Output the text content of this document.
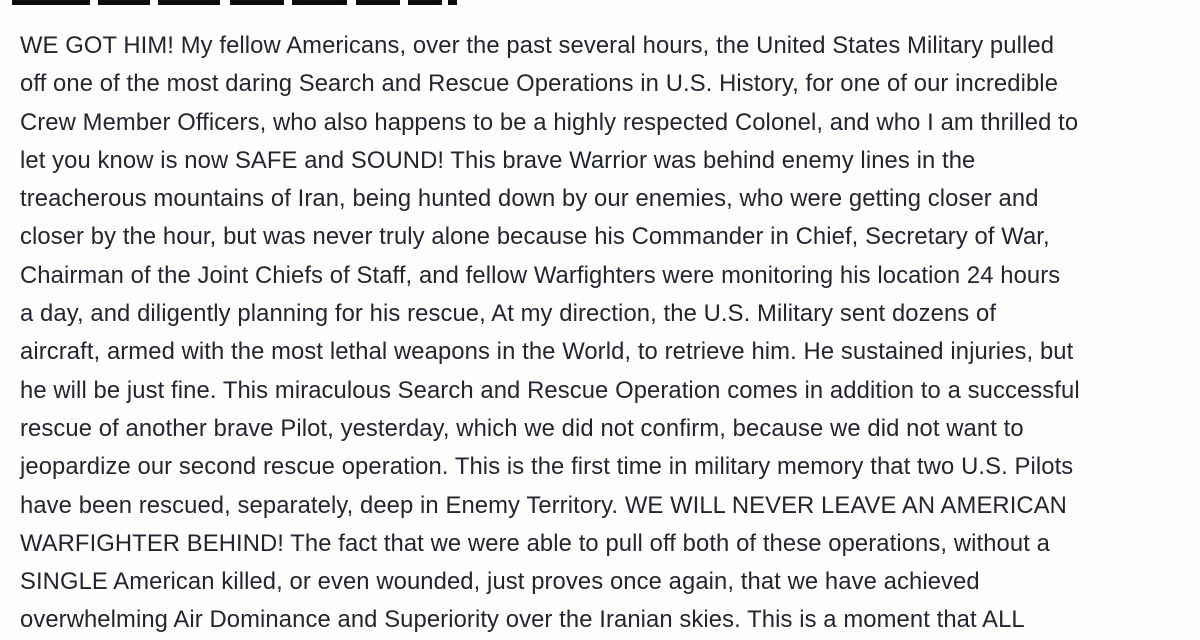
WE GOT HIM! My fellow Americans, over the past several hours, the United States Military pulled
off one of the most daring Search and Rescue Operations in U.S. History, for one of our incredible
Crew Member Officers, who also happens to be a highly respected Colonel, and who I am thrilled to
let you know is now SAFE and SOUND! This brave Warrior was behind enemy lines in the
treacherous mountains of Iran, being hunted down by our enemies, who were getting closer and
closer by the hour, but was never truly alone because his Commander in Chief, Secretary of War,
Chairman of the Joint Chiefs of Staff, and fellow Warfighters were monitoring his location 24 hours
a day, and diligently planning for his rescue, At my direction, the U.S. Military sent dozens of
aircraft, armed with the most lethal weapons in the World, to retrieve him. He sustained injuries, but
he will be just fine. This miraculous Search and Rescue Operation comes in addition to a successful
rescue of another brave Pilot, yesterday, which we did not confirm, because we did not want to
jeopardize our second rescue operation. This is the first time in military memory that two U.S. Pilots
have been rescued, separately, deep in Enemy Territory. WE WILL NEVER LEAVE AN AMERICAN
WARFIGHTER BEHIND! The fact that we were able to pull off both of these operations, without a
SINGLE American killed, or even wounded, just proves once again, that we have achieved
overwhelming Air Dominance and Superiority over the Iranian skies. This is a moment that ALL
